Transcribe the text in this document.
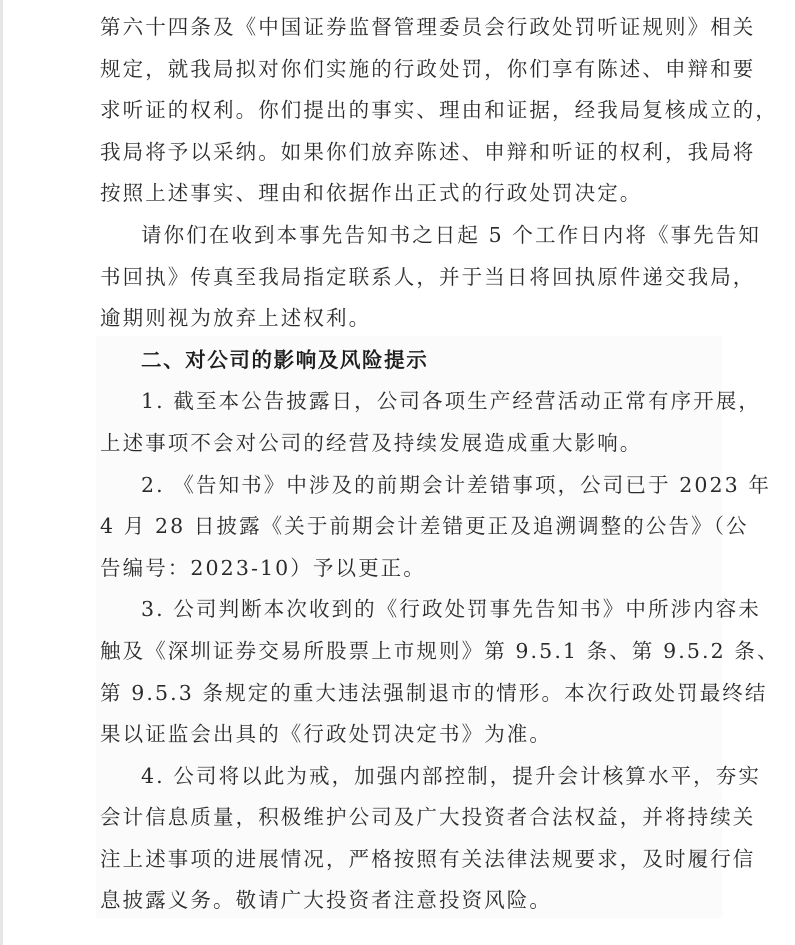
第六十四条及《中国证券监督管理委员会行政处罚听证规则》相关
规定，就我局拟对你们实施的行政处罚，你们享有陈述、申辩和要
求听证的权利。你们提出的事实、理由和证据，经我局复核成立的，
我局将予以采纳。如果你们放弃陈述、申辩和听证的权利，我局将
按照上述事实、理由和依据作出正式的行政处罚决定。
请你们在收到本事先告知书之日起 5 个工作日内将《事先告知
书回执》传真至我局指定联系人，并于当日将回执原件递交我局，
逾期则视为放弃上述权利。
二、对公司的影响及风险提示
1. 截至本公告披露日，公司各项生产经营活动正常有序开展，
上述事项不会对公司的经营及持续发展造成重大影响。
2. 《告知书》中涉及的前期会计差错事项，公司已于 2023 年
4 月 28 日披露《关于前期会计差错更正及追溯调整的公告》（公
告编号：2023-10）予以更正。
3. 公司判断本次收到的《行政处罚事先告知书》中所涉内容未
触及《深圳证券交易所股票上市规则》第 9.5.1 条、第 9.5.2 条、
第 9.5.3 条规定的重大违法强制退市的情形。本次行政处罚最终结
果以证监会出具的《行政处罚决定书》为准。
4. 公司将以此为戒，加强内部控制，提升会计核算水平，夯实
会计信息质量，积极维护公司及广大投资者合法权益，并将持续关
注上述事项的进展情况，严格按照有关法律法规要求，及时履行信
息披露义务。敬请广大投资者注意投资风险。
